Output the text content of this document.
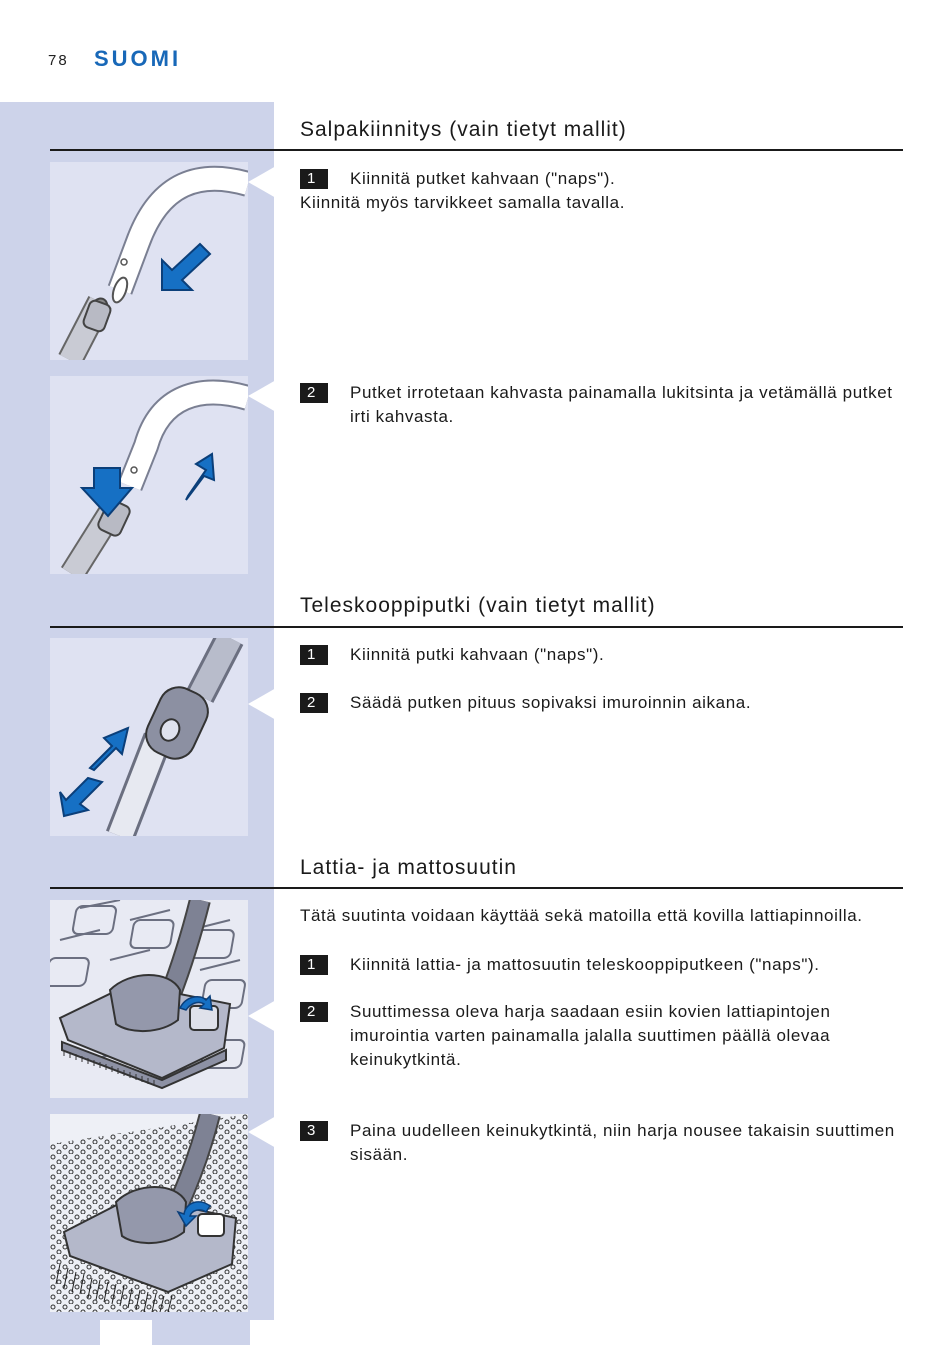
78 SUOMI
Salpakiinnitys (vain tietyt mallit)
1	Kiinnitä putket kahvaan ("naps").
Kiinnitä myös tarvikkeet samalla tavalla.
2	Putket irrotetaan kahvasta painamalla lukitsinta ja vetämällä putket irti kahvasta.
Teleskooppiputki (vain tietyt mallit)
1	Kiinnitä putki kahvaan ("naps").
2	Säädä putken pituus sopivaksi imuroinnin aikana.
Lattia- ja mattosuutin
Tätä suutinta voidaan käyttää sekä matoilla että kovilla lattiapinnoilla.
1	Kiinnitä lattia- ja mattosuutin teleskooppiputkeen ("naps").
2	Suuttimessa oleva harja saadaan esiin kovien lattiapintojen imurointia varten painamalla jalalla suuttimen päällä olevaa keinukytkintä.
3	Paina uudelleen keinukytkintä, niin harja nousee takaisin suuttimen sisään.
